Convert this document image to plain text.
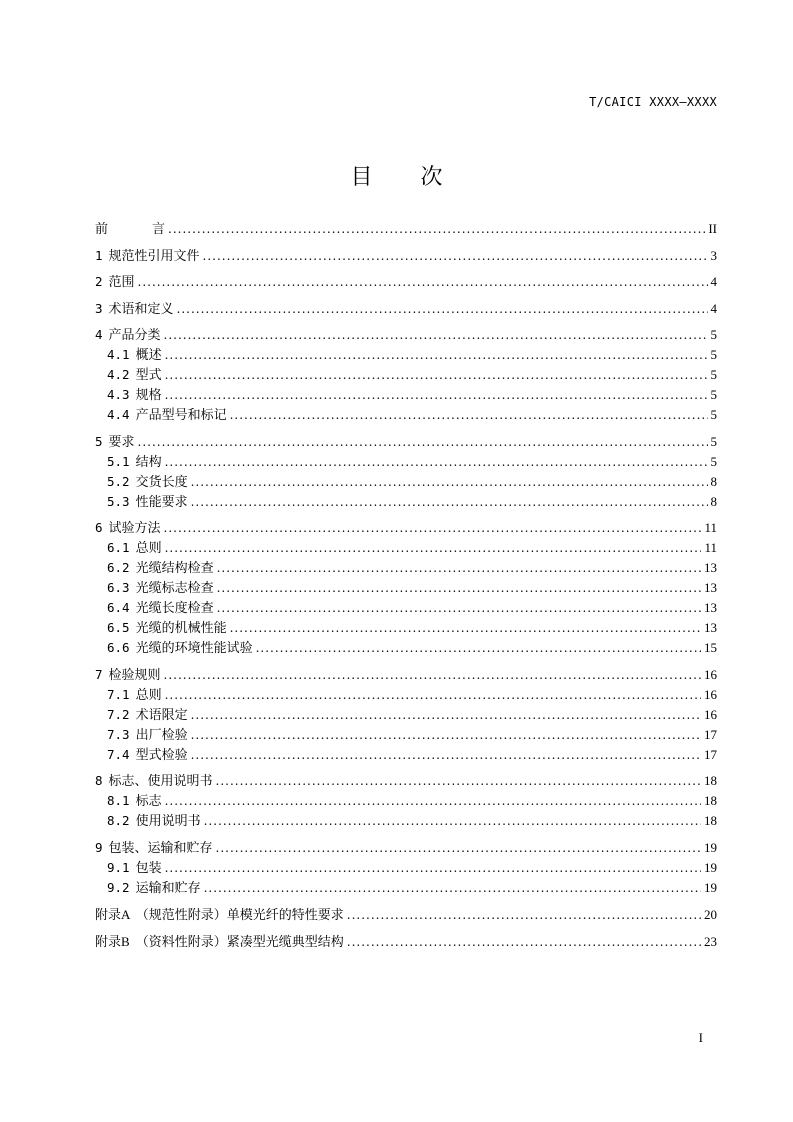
T/CAICI XXXX—XXXX
目 次
前	言 .....	II
1 规范性引用文件 .....	3
2 范围 .....	4
3 术语和定义 .....	4
4 产品分类 .....	5
4.1 概述 .....	5
4.2 型式 .....	5
4.3 规格 .....	5
4.4 产品型号和标记 .....	5
5 要求 .....	5
5.1 结构 .....	5
5.2 交货长度 .....	8
5.3 性能要求 .....	8
6 试验方法 .....	11
6.1 总则 .....	11
6.2 光缆结构检查 .....	13
6.3 光缆标志检查 .....	13
6.4 光缆长度检查 .....	13
6.5 光缆的机械性能 .....	13
6.6 光缆的环境性能试验 .....	15
7 检验规则 .....	16
7.1 总则 .....	16
7.2 术语限定 .....	16
7.3 出厂检验 .....	17
7.4 型式检验 .....	17
8 标志、使用说明书 .....	18
8.1 标志 .....	18
8.2 使用说明书 .....	18
9 包装、运输和贮存 .....	19
9.1 包装 .....	19
9.2 运输和贮存 .....	19
附 录 A （规范性附录） 单模光纤的特性要求 .....	20
附 录 B （资料性附录） 紧凑型光缆典型结构 .....	23
I
